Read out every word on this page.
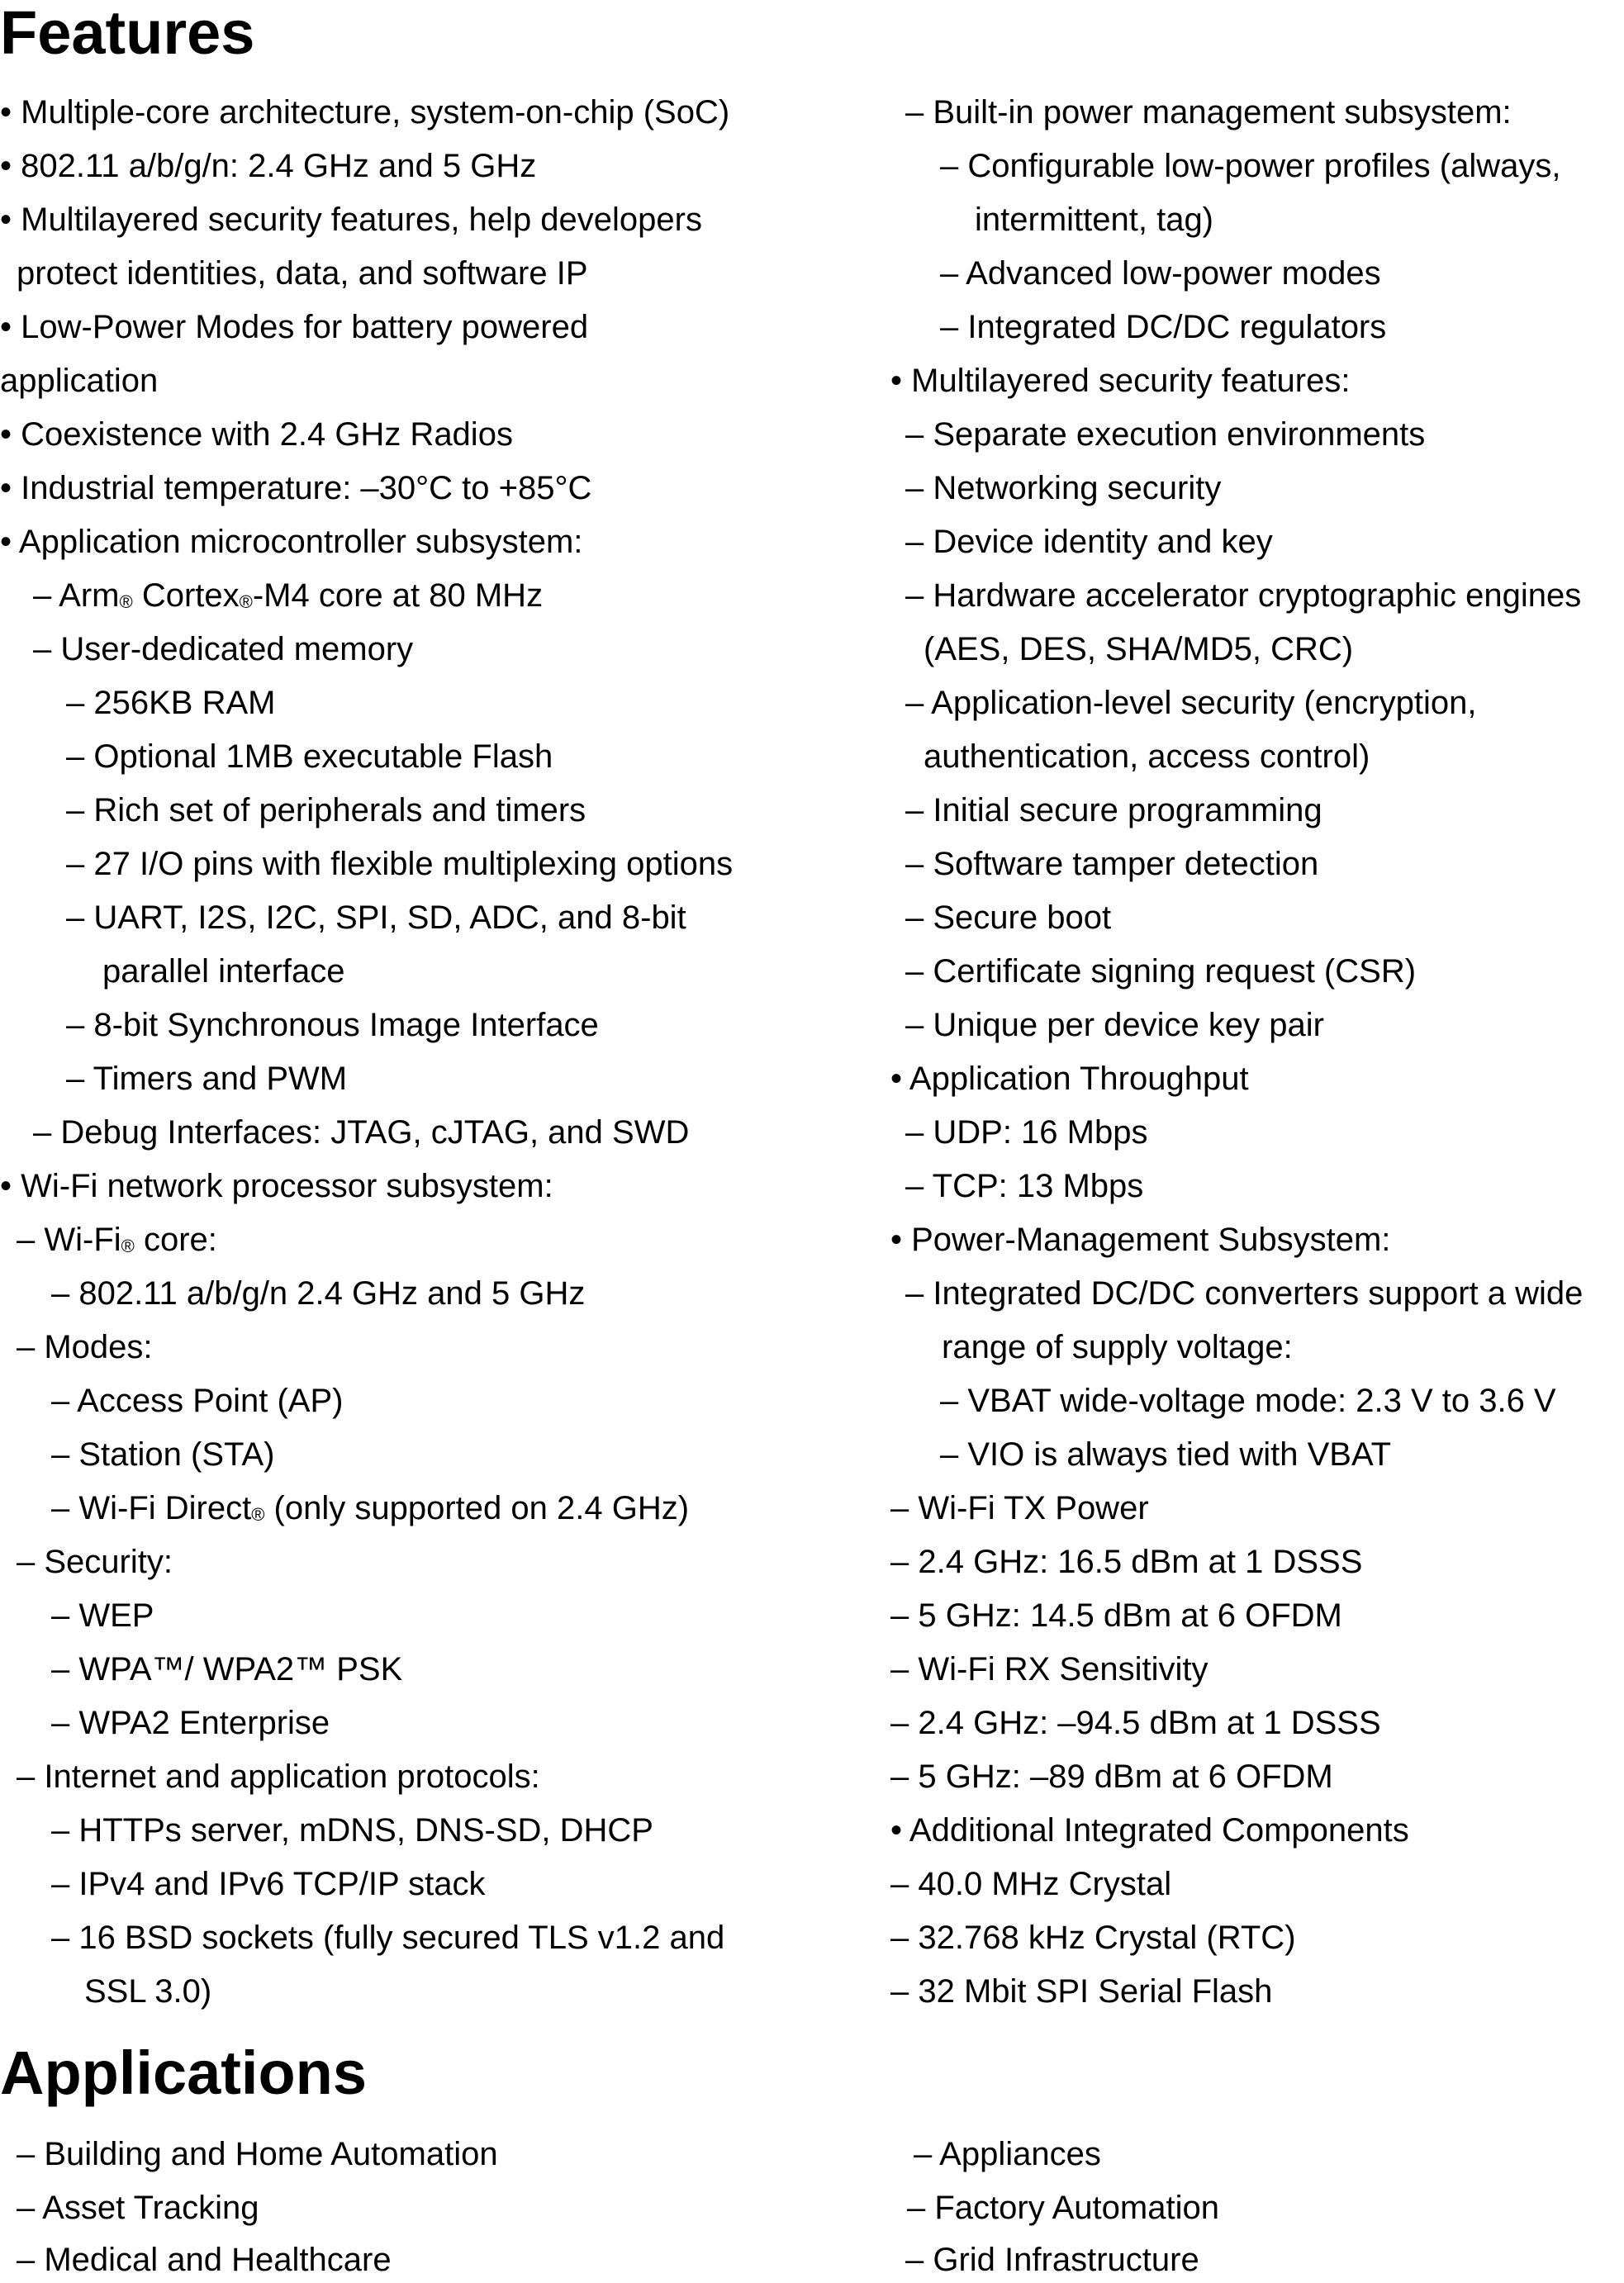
Features

• Multiple-core architecture, system-on-chip (SoC)

• 802.11 a/b/g/n: 2.4 GHz and 5 GHz

• Multilayered security features, help developers

protect identities, data, and software IP

• Low-Power Modes for battery powered

application

• Coexistence with 2.4 GHz Radios

• Industrial temperature: –30°C to +85°C

• Application microcontroller subsystem:

– Arm® Cortex®-M4 core at 80 MHz

– User-dedicated memory

– 256KB RAM

– Optional 1MB executable Flash

– Rich set of peripherals and timers

– 27 I/O pins with flexible multiplexing options

– UART, I2S, I2C, SPI, SD, ADC, and 8-bit

parallel interface

– 8-bit Synchronous Image Interface

– Timers and PWM

– Debug Interfaces: JTAG, cJTAG, and SWD

• Wi-Fi network processor subsystem:

– Wi-Fi® core:

– 802.11 a/b/g/n 2.4 GHz and 5 GHz

– Modes:

– Access Point (AP)

– Station (STA)

– Wi-Fi Direct® (only supported on 2.4 GHz)

– Security:

– WEP

– WPA™/ WPA2™ PSK

– WPA2 Enterprise

– Internet and application protocols:

– HTTPs server, mDNS, DNS-SD, DHCP

– IPv4 and IPv6 TCP/IP stack

– 16 BSD sockets (fully secured TLS v1.2 and

SSL 3.0)

– Built-in power management subsystem:

– Configurable low-power profiles (always,

intermittent, tag)

– Advanced low-power modes

– Integrated DC/DC regulators

• Multilayered security features:

– Separate execution environments

– Networking security

– Device identity and key

– Hardware accelerator cryptographic engines

(AES, DES, SHA/MD5, CRC)

– Application-level security (encryption,

authentication, access control)

– Initial secure programming

– Software tamper detection

– Secure boot

– Certificate signing request (CSR)

– Unique per device key pair

• Application Throughput

– UDP: 16 Mbps

– TCP: 13 Mbps

• Power-Management Subsystem:

– Integrated DC/DC converters support a wide

range of supply voltage:

– VBAT wide-voltage mode: 2.3 V to 3.6 V

– VIO is always tied with VBAT

– Wi-Fi TX Power

– 2.4 GHz: 16.5 dBm at 1 DSSS

– 5 GHz: 14.5 dBm at 6 OFDM

– Wi-Fi RX Sensitivity

– 2.4 GHz: –94.5 dBm at 1 DSSS

– 5 GHz: –89 dBm at 6 OFDM

• Additional Integrated Components

– 40.0 MHz Crystal

– 32.768 kHz Crystal (RTC)

– 32 Mbit SPI Serial Flash

Applications

– Building and Home Automation

– Asset Tracking

– Medical and Healthcare

– Appliances

– Factory Automation

– Grid Infrastructure
